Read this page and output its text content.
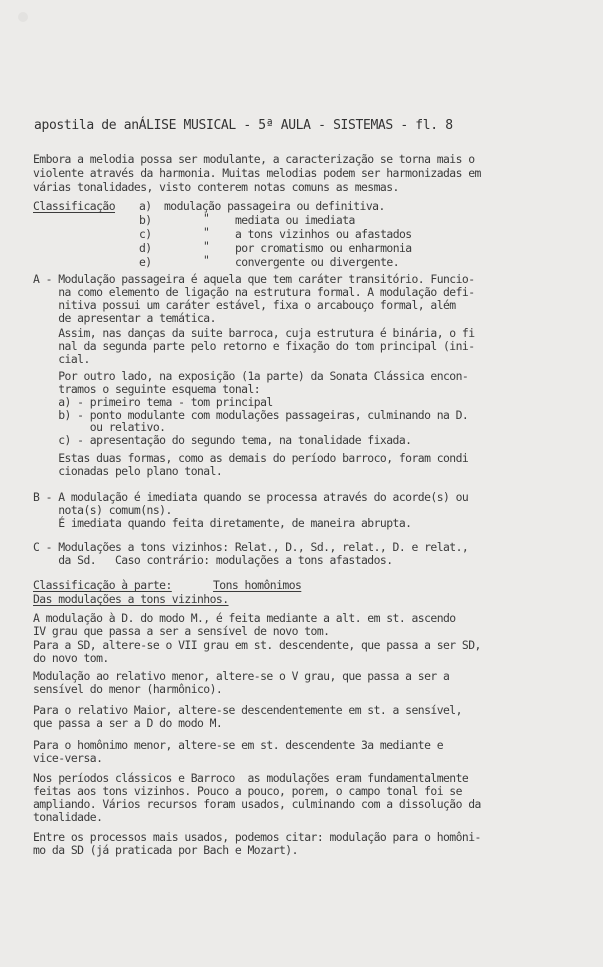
apostila de anÁLISE MUSICAL - 5ª AULA - SISTEMAS - fl. 8
Embora a melodia possa ser modulante, a caracterização se torna mais o
violente através da harmonia. Muitas melodias podem ser harmonizadas em
várias tonalidades, visto conterem notas comuns as mesmas.
Classificação a) modulação passageira ou definitiva.
b)	" mediata ou imediata
c)	" a tons vizinhos ou afastados
d)	" por cromatismo ou enharmonia
e)	" convergente ou divergente.
A - Modulação passageira é aquela que tem caráter transitório. Funcio-
na como elemento de ligação na estrutura formal. A modulação defi-
nitiva possui um caráter estável, fixa o arcabouço formal, além
de apresentar a temática.
Assim, nas danças da suite barroca, cuja estrutura é binária, o fi
nal da segunda parte pelo retorno e fixação do tom principal (ini-
cial.
Por outro lado, na exposição (1a parte) da Sonata Clássica encon-
tramos o seguinte esquema tonal:
a) - primeiro tema - tom principal
b) - ponto modulante com modulações passageiras, culminando na D.
ou relativo.
c) - apresentação do segundo tema, na tonalidade fixada.
Estas duas formas, como as demais do período barroco, foram condi
cionadas pelo plano tonal.
B - A modulação é imediata quando se processa através do acorde(s) ou
nota(s) comum(ns).
É imediata quando feita diretamente, de maneira abrupta.
C - Modulações a tons vizinhos: Relat., D., Sd., relat., D. e relat.,
da Sd.   Caso contrário: modulações a tons afastados.
Classificação à parte:	Tons homônimos
Das modulações a tons vizinhos.
A modulação à D. do modo M., é feita mediante a alt. em st. ascendo
IV grau que passa a ser a sensível de novo tom.
Para a SD, altere-se o VII grau em st. descendente, que passa a ser SD,
do novo tom.
Modulação ao relativo menor, altere-se o V grau, que passa a ser a
sensível do menor (harmônico).
Para o relativo Maior, altere-se descendentemente em st. a sensível,
que passa a ser a D do modo M.
Para o homônimo menor, altere-se em st. descendente 3a mediante e
vice-versa.
Nos períodos clássicos e Barroco  as modulações eram fundamentalmente
feitas aos tons vizinhos. Pouco a pouco, porem, o campo tonal foi se
ampliando. Vários recursos foram usados, culminando com a dissolução da
tonalidade.
Entre os processos mais usados, podemos citar: modulação para o homôni-
mo da SD (já praticada por Bach e Mozart).
